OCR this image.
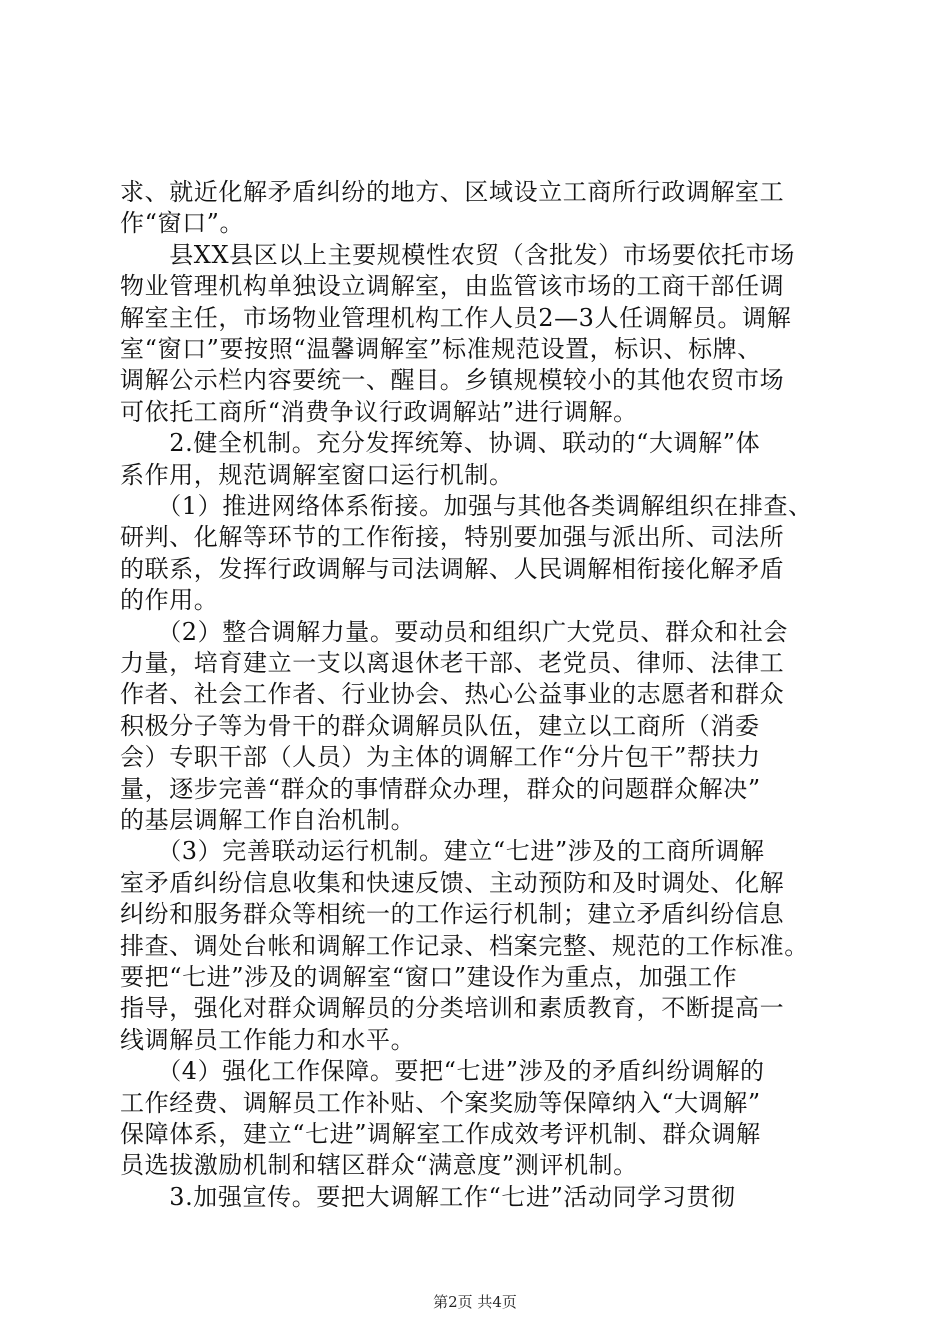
求、就近化解矛盾纠纷的地方、区域设立工商所行政调解室工
作“窗口”。
　　县XX县区以上主要规模性农贸（含批发）市场要依托市场
物业管理机构单独设立调解室，由监管该市场的工商干部任调
解室主任，市场物业管理机构工作人员2—3人任调解员。调解
室“窗口”要按照“温馨调解室”标准规范设置，标识、标牌、
调解公示栏内容要统一、醒目。乡镇规模较小的其他农贸市场
可依托工商所“消费争议行政调解站”进行调解。
　　2.健全机制。充分发挥统筹、协调、联动的“大调解”体
系作用，规范调解室窗口运行机制。
　　（1）推进网络体系衔接。加强与其他各类调解组织在排查、
研判、化解等环节的工作衔接，特别要加强与派出所、司法所
的联系，发挥行政调解与司法调解、人民调解相衔接化解矛盾
的作用。
　　（2）整合调解力量。要动员和组织广大党员、群众和社会
力量，培育建立一支以离退休老干部、老党员、律师、法律工
作者、社会工作者、行业协会、热心公益事业的志愿者和群众
积极分子等为骨干的群众调解员队伍，建立以工商所（消委
会）专职干部（人员）为主体的调解工作“分片包干”帮扶力
量，逐步完善“群众的事情群众办理，群众的问题群众解决”
的基层调解工作自治机制。
　　（3）完善联动运行机制。建立“七进”涉及的工商所调解
室矛盾纠纷信息收集和快速反馈、主动预防和及时调处、化解
纠纷和服务群众等相统一的工作运行机制；建立矛盾纠纷信息
排查、调处台帐和调解工作记录、档案完整、规范的工作标准。
要把“七进”涉及的调解室“窗口”建设作为重点，加强工作
指导，强化对群众调解员的分类培训和素质教育，不断提高一
线调解员工作能力和水平。
　　（4）强化工作保障。要把“七进”涉及的矛盾纠纷调解的
工作经费、调解员工作补贴、个案奖励等保障纳入“大调解”
保障体系，建立“七进”调解室工作成效考评机制、群众调解
员选拔激励机制和辖区群众“满意度”测评机制。
　　3.加强宣传。要把大调解工作“七进”活动同学习贯彻
第2页 共4页
